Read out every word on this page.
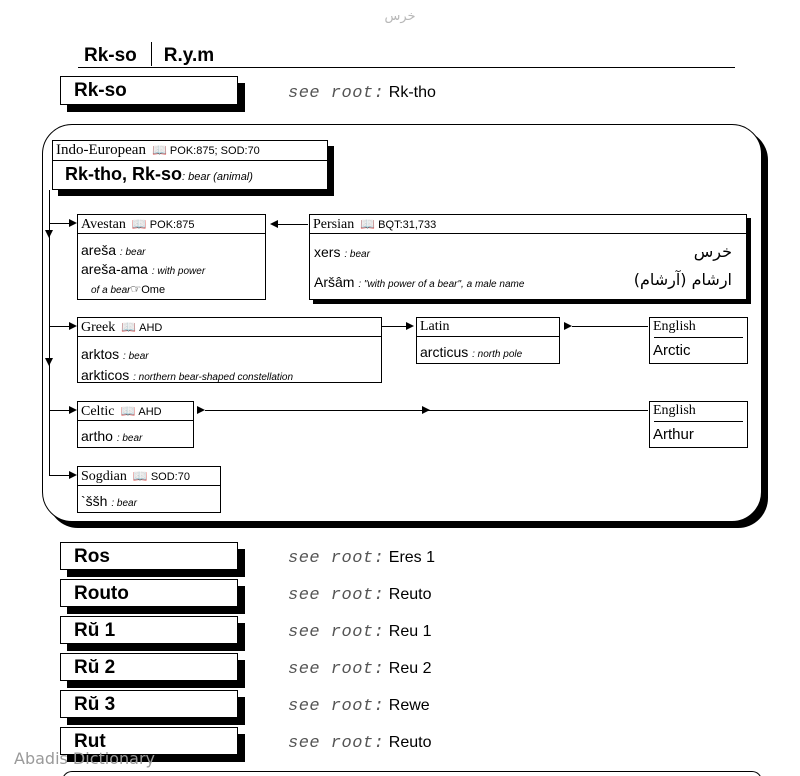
خرس
Rk-so R.y.m
Rk-so	see root: Rk-tho
Indo-European 📖 POK:875; SOD:70
Rk-tho, Rk-so: bear (animal)
Avestan 📖 POK:875
areša : bear
areša-ama : with power
of a bear☞Ome
Persian 📖 BQT:31,733
xers : bear
Aršâm : "with power of a bear", a male name
خرس
ارشام (آرشام)
Greek 📖 AHD
arktos : bear
arkticos : northern bear-shaped constellation
Latin
arcticus : north pole
English
Arctic
Celtic 📖 AHD
artho : bear
English
Arthur
Sogdian 📖 SOD:70
`ššh : bear
Ros	see root: Eres 1
Routo	see root: Reuto
Rŭ 1	see root: Reu 1
Rŭ 2	see root: Reu 2
Rŭ 3	see root: Rewe
Rut	see root: Reuto
Abadis Dictionary
